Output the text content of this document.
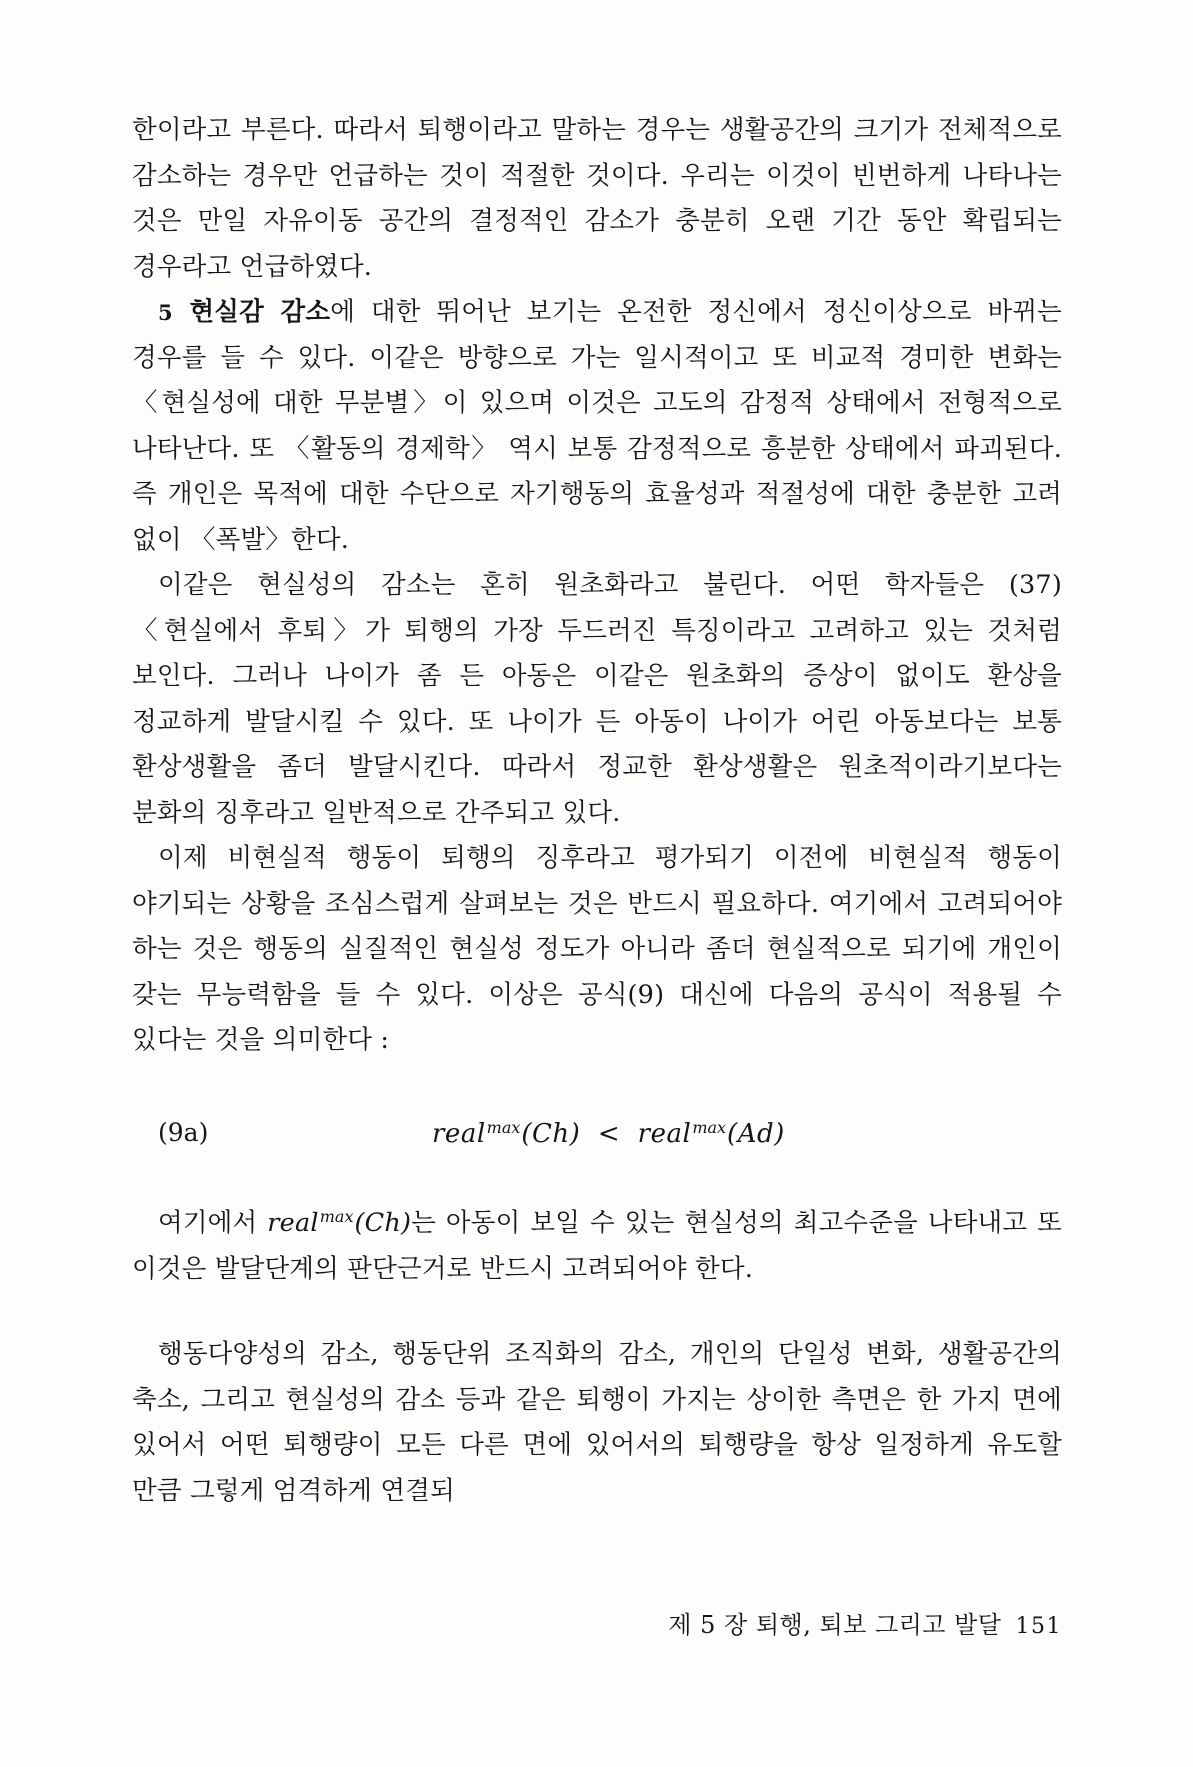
한이라고 부른다. 따라서 퇴행이라고 말하는 경우는 생활공간의 크기가 전체적으로 감소하는 경우만 언급하는 것이 적절한 것이다. 우리는 이것이 빈번하게 나타나는 것은 만일 자유이동 공간의 결정적인 감소가 충분히 오랜 기간 동안 확립되는 경우라고 언급하였다.

5 현실감 감소에 대한 뛰어난 보기는 온전한 정신에서 정신이상으로 바뀌는 경우를 들 수 있다. 이같은 방향으로 가는 일시적이고 또 비교적 경미한 변화는 〈현실성에 대한 무분별〉이 있으며 이것은 고도의 감정적 상태에서 전형적으로 나타난다. 또 〈활동의 경제학〉 역시 보통 감정적으로 흥분한 상태에서 파괴된다. 즉 개인은 목적에 대한 수단으로 자기행동의 효율성과 적절성에 대한 충분한 고려 없이 〈폭발〉한다.

이같은 현실성의 감소는 혼히 원초화라고 불린다. 어떤 학자들은 (37) 〈현실에서 후퇴〉가 퇴행의 가장 두드러진 특징이라고 고려하고 있는 것처럼 보인다. 그러나 나이가 좀 든 아동은 이같은 원초화의 증상이 없이도 환상을 정교하게 발달시킬 수 있다. 또 나이가 든 아동이 나이가 어린 아동보다는 보통 환상생활을 좀더 발달시킨다. 따라서 정교한 환상생활은 원초적이라기보다는 분화의 징후라고 일반적으로 간주되고 있다.

이제 비현실적 행동이 퇴행의 징후라고 평가되기 이전에 비현실적 행동이 야기되는 상황을 조심스럽게 살펴보는 것은 반드시 필요하다. 여기에서 고려되어야 하는 것은 행동의 실질적인 현실성 정도가 아니라 좀더 현실적으로 되기에 개인이 갖는 무능력함을 들 수 있다. 이상은 공식(9) 대신에 다음의 공식이 적용될 수 있다는 것을 의미한다 :

(9a)	real$^{max}$(Ch) < real$^{max}$(Ad)

여기에서 real$^{max}$(Ch)는 아동이 보일 수 있는 현실성의 최고수준을 나타내고 또 이것은 발달단계의 판단근거로 반드시 고려되어야 한다.

행동다양성의 감소, 행동단위 조직화의 감소, 개인의 단일성 변화, 생활공간의 축소, 그리고 현실성의 감소 등과 같은 퇴행이 가지는 상이한 측면은 한 가지 면에 있어서 어떤 퇴행량이 모든 다른 면에 있어서의 퇴행량을 항상 일정하게 유도할 만큼 그렇게 엄격하게 연결되

제 5 장 퇴행, 퇴보 그리고 발달 151
